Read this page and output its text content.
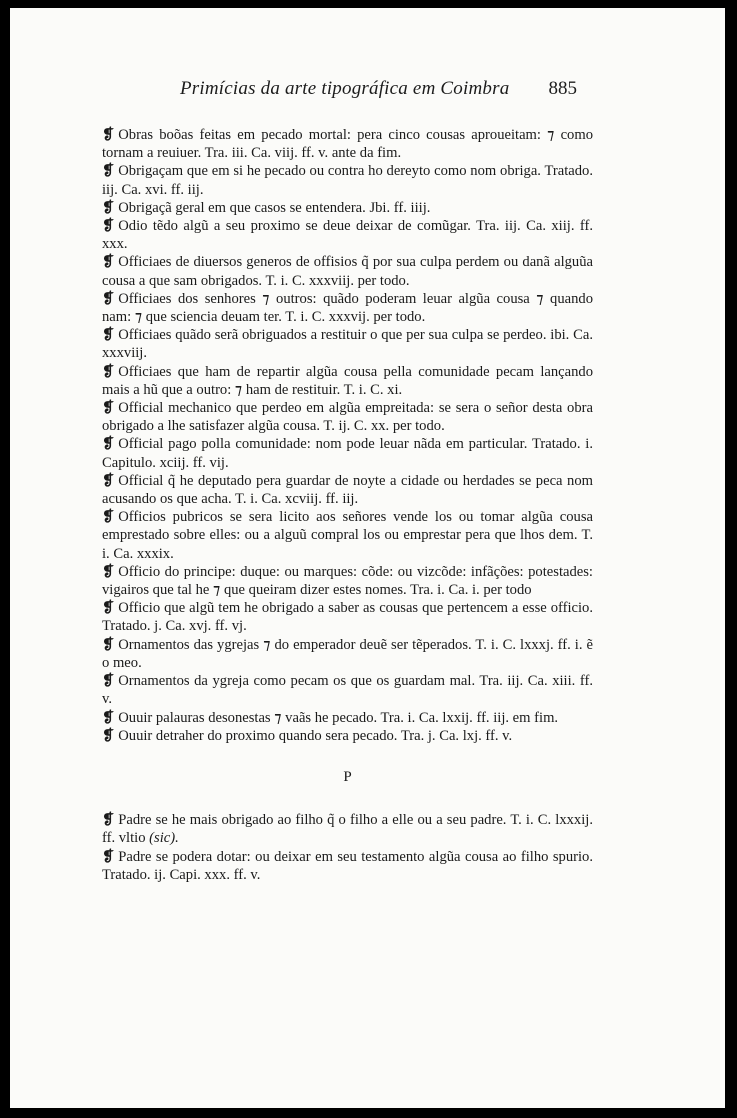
Primícias da arte tipográfica em Coimbra 885

❡ Obras boõas feitas em pecado mortal: pera cinco cousas aproueitam: ⁊ como tornam a reuiuer. Tra. iii. Ca. viij. ff. v. ante da fim.

❡ Obrigaçam que em si he pecado ou contra ho dereyto como nom obriga. Tratado. iij. Ca. xvi. ff. iij.

❡ Obrigaçã geral em que casos se entendera. Jbi. ff. iiij.

❡ Odio tẽdo algũ a seu proximo se deue deixar de comũgar. Tra. iij. Ca. xiij. ff. xxx.

❡ Officiaes de diuersos generos de offisios q̃ por sua culpa perdem ou danã alguũa cousa a que sam obrigados. T. i. C. xxxviij. per todo.

❡ Officiaes dos senhores ⁊ outros: quãdo poderam leuar algũa cousa ⁊ quando nam: ⁊ que sciencia deuam ter. T. i. C. xxxvij. per todo.

❡ Officiaes quãdo serã obriguados a restituir o que per sua culpa se perdeo. ibi. Ca. xxxviij.

❡ Officiaes que ham de repartir algũa cousa pella comunidade pecam lançando mais a hũ que a outro: ⁊ ham de restituir. T. i. C. xi.

❡ Official mechanico que perdeo em algũa empreitada: se sera o señor desta obra obrigado a lhe satisfazer algũa cousa. T. ij. C. xx. per todo.

❡ Official pago polla comunidade: nom pode leuar nãda em particular. Tratado. i. Capitulo. xciij. ff. vij.

❡ Official q̃ he deputado pera guardar de noyte a cidade ou herdades se peca nom acusando os que acha. T. i. Ca. xcviij. ff. iij.

❡ Officios pubricos se sera licito aos señores vende los ou tomar algũa cousa emprestado sobre elles: ou a alguũ compral los ou emprestar pera que lhos dem. T. i. Ca. xxxix.

❡ Officio do principe: duque: ou marques: cõde: ou vizcõde: infãções: potestades: vigairos que tal he ⁊ que queiram dizer estes nomes. Tra. i. Ca. i. per todo

❡ Officio que algũ tem he obrigado a saber as cousas que pertencem a esse officio. Tratado. j. Ca. xvj. ff. vj.

❡ Ornamentos das ygrejas ⁊ do emperador deuẽ ser tẽperados. T. i. C. lxxxj. ff. i. ẽ o meo.

❡ Ornamentos da ygreja como pecam os que os guardam mal. Tra. iij. Ca. xiii. ff. v.

❡ Ouuir palauras desonestas ⁊ vaãs he pecado. Tra. i. Ca. lxxij. ff. iij. em fim.

❡ Ouuir detraher do proximo quando sera pecado. Tra. j. Ca. lxj. ff. v.

P

❡ Padre se he mais obrigado ao filho q̃ o filho a elle ou a seu padre. T. i. C. lxxxij. ff. vltio (sic).

❡ Padre se podera dotar: ou deixar em seu testamento algũa cousa ao filho spurio. Tratado. ij. Capi. xxx. ff. v.
